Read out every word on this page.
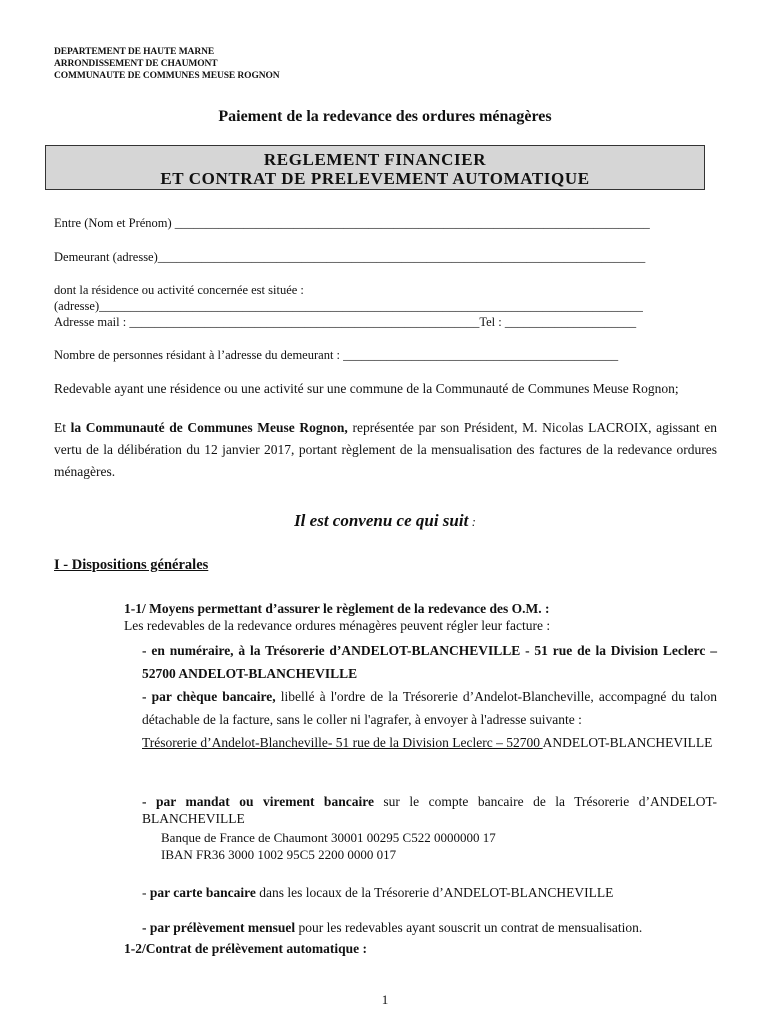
DEPARTEMENT DE HAUTE MARNE
ARRONDISSEMENT DE CHAUMONT
COMMUNAUTE DE COMMUNES MEUSE ROGNON
Paiement de la redevance des ordures ménagères
REGLEMENT FINANCIER
ET CONTRAT DE PRELEVEMENT AUTOMATIQUE
Entre (Nom et Prénom) ____________________________________________________________________________
Demeurant (adresse)______________________________________________________________________________
dont la résidence ou activité concernée est située :
(adresse)_______________________________________________________________________________________
Adresse mail : ________________________________________________________Tel : _____________________
Nombre de personnes résidant à l’adresse du demeurant : ____________________________________________
Redevable ayant une résidence ou une activité sur une commune de la Communauté de Communes Meuse Rognon;
Et la Communauté de Communes Meuse Rognon, représentée par son Président, M. Nicolas LACROIX, agissant en vertu de la délibération du 12 janvier 2017, portant règlement de la mensualisation des factures de la redevance ordures ménagères.
Il est convenu ce qui suit :
I - Dispositions générales
1-1/ Moyens permettant d’assurer le règlement de la redevance des O.M. :
Les redevables de la redevance ordures ménagères peuvent régler leur facture :
- en numéraire, à la Trésorerie d’ANDELOT-BLANCHEVILLE - 51 rue de la Division Leclerc – 52700 ANDELOT-BLANCHEVILLE
- par chèque bancaire, libellé à l'ordre de la Trésorerie d’Andelot-Blancheville, accompagné du talon détachable de la facture, sans le coller ni l'agrafer, à envoyer à l'adresse suivante :
Trésorerie d’Andelot-Blancheville- 51 rue de la Division Leclerc – 52700 ANDELOT-BLANCHEVILLE
- par mandat ou virement bancaire sur le compte bancaire de la Trésorerie d’ANDELOT-BLANCHEVILLE
Banque de France de Chaumont 30001 00295 C522 0000000 17
IBAN FR36 3000 1002 95C5 2200 0000 017
- par carte bancaire dans les locaux de la Trésorerie d’ANDELOT-BLANCHEVILLE
- par prélèvement mensuel pour les redevables ayant souscrit un contrat de mensualisation.
1-2/Contrat de prélèvement automatique :
1
